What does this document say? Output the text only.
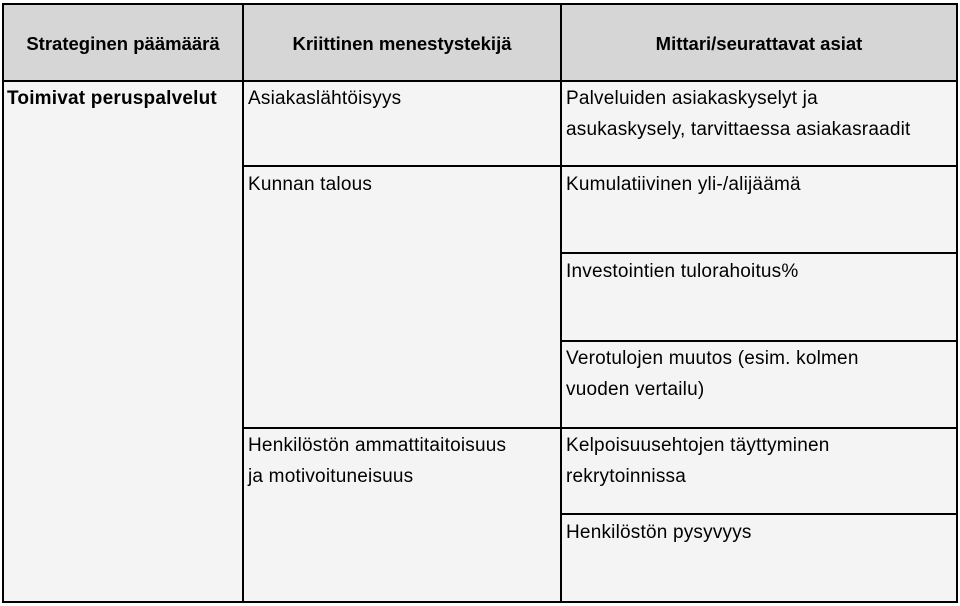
Strateginen päämäärä	Kriittinen menestystekijä	Mittari/seurattavat asiat
Toimivat peruspalvelut Asiakaslähtöisyys
Kunnan talous
Henkilöstön ammattitaitoisuus
ja motivoituneisuus
Palveluiden asiakaskyselyt ja
asukaskysely, tarvittaessa asiakasraadit
Kumulatiivinen yli-/alijäämä
Investointien tulorahoitus%
Verotulojen muutos (esim. kolmen
vuoden vertailu)
Kelpoisuusehtojen täyttyminen
rekrytoinnissa
Henkilöstön pysyvyys
